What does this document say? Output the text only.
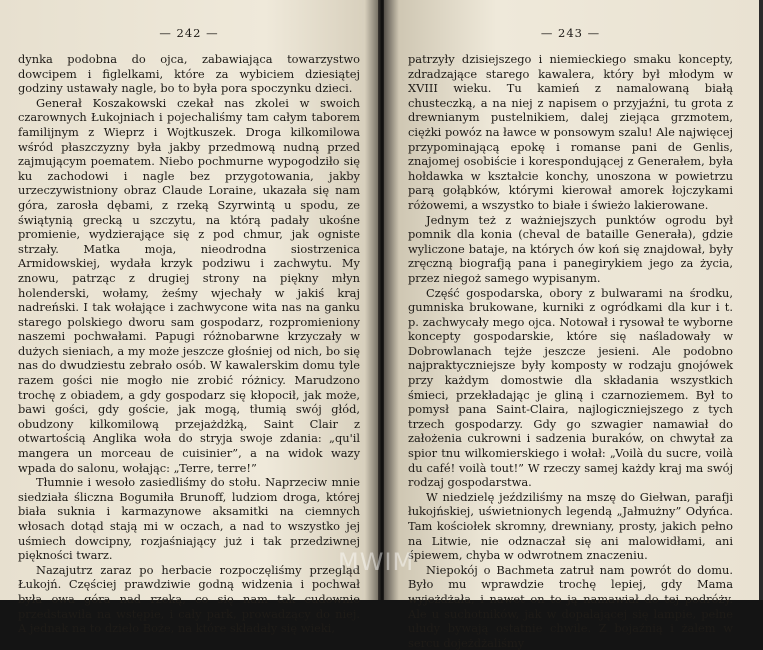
— 242 —

dynka podobna do ojca, zabawiająca towarzystwo dowcipem i figlelkami, które za wybiciem dziesiątej godziny ustawały nagle, bo to była pora spoczynku dzieci.

Generał Koszakowski czekał nas zkolei w swoich czarownych Łukojniach i pojechaliśmy tam całym taborem familijnym z Wieprz i Wojtkuszek. Droga kilkomilowa wśród płaszczyzny była jakby przedmową nudną przed zajmującym poematem. Niebo pochmurne wypogodziło się ku zachodowi i nagle bez przygotowania, jakby urzeczywistniony obraz Claude Loraine, ukazała się nam góra, zarosła dębami, z rzeką Szyrwintą u spodu, ze świątynią grecką u szczytu, na którą padały ukośne promienie, wydzierające się z pod chmur, jak ogniste strzały. Matka moja, nieodrodna siostrzenica Armidowskiej, wydała krzyk podziwu i zachwytu. My znowu, patrząc z drugiej strony na piękny młyn holenderski, wołamy, żeśmy wjechały w jakiś kraj nadreński. I tak wołające i zachwycone wita nas na ganku starego polskiego dworu sam gospodarz, rozpromieniony naszemi pochwałami. Papugi różnobarwne krzyczały w dużych sieniach, a my może jeszcze głośniej od nich, bo się nas do dwudziestu zebrało osób. W kawalerskim domu tyle razem gości nie mogło nie zrobić różnicy. Marudzono trochę z obiadem, a gdy gospodarz się kłopocił, jak może, bawi gości, gdy goście, jak mogą, tłumią swój głód, obudzony kilkomilową przejażdżką, Saint Clair z otwartością Anglika woła do stryja swoje zdania: „qu'il mangera un morceau de cuisinier”, a na widok wazy wpada do salonu, wołając: „Terre, terre!”

Tłumnie i wesoło zasiedliśmy do stołu. Naprzeciw mnie siedziała śliczna Bogumiła Brunoff, ludziom droga, której biała suknia i karmazynowe aksamitki na ciemnych włosach dotąd stają mi w oczach, a nad to wszystko jej uśmiech dowcipny, rozjaśniający już i tak przedziwnej piękności twarz.

Nazajutrz zaraz po herbacie rozpoczęliśmy przegląd Łukojń. Częściej prawdziwie godną widzenia i pochwał była owa góra nad rzeką, co się nam tak cudownie przedstawiła na wstępie, i cały park, prowadzący do niej. A jednak na to dzieło Boże, na które składały się wieki,

— 243 —

patrzyły dzisiejszego i niemieckiego smaku koncepty, zdradzające starego kawalera, który był młodym w XVIII wieku. Tu kamień z namalowaną białą chusteczką, a na niej z napisem o przyjaźni, tu grota z drewnianym pustelnikiem, dalej ziejąca grzmotem, ciężki powóz na ławce w ponsowym szalu! Ale najwięcej przypominającą epokę i romanse pani de Genlis, znajomej osobiście i korespondującej z Generałem, była hołdawka w kształcie konchy, unoszona w powietrzu parą gołąbków, którymi kierował amorek łojczykami różowemi, a wszystko to białe i świeżo lakierowane.

Jednym też z ważniejszych punktów ogrodu był pomnik dla konia (cheval de bataille Generała), gdzie wyliczone bataje, na których ów koń się znajdował, były zręczną biografją pana i panegirykiem jego za życia, przez niegoż samego wypisanym.

Część gospodarska, obory z bulwarami na środku, gumniska brukowane, kurniki z ogródkami dla kur i t. p. zachwycały mego ojca. Notował i rysował te wyborne koncepty gospodarskie, które się naśladowały w Dobrowlanach tejże jeszcze jesieni. Ale podobno najpraktyczniejsze były komposty w rodzaju gnojówek przy każdym domostwie dla składania wszystkich śmieci, przekładając je gliną i czarnoziemem. Był to pomysł pana Saint-Claira, najlogiczniejszego z tych trzech gospodarzy. Gdy go szwagier namawiał do założenia cukrowni i sadzenia buraków, on chwytał za spior tnu wilkomierskiego i wołał: „Voilà du sucre, voilà du café! voilà tout!” W rzeczy samej każdy kraj ma swój rodzaj gospodarstwa.

W niedzielę jeździliśmy na mszę do Giełwan, parafji łukojńskiej, uświetnionych legendą „Jałmużny” Odyńca. Tam kościołek skromny, drewniany, prosty, jakich pełno na Litwie, nie odznaczał się ani malowidłami, ani śpiewem, chyba w odwrotnem znaczeniu.

Niepokój o Bachmeta zatruł nam powrót do domu. Było mu wprawdzie trochę lepiej, gdy Mama wyjeżdżała, i nawet on to ją namawiał do tej podróży. Ale u suchotników, jak w dopalającej się lampie, pełne ułudy bywają ostatnie chwile. Z bojaźnią i żalem w sercu dojeżdżaliśmy

MWIM
